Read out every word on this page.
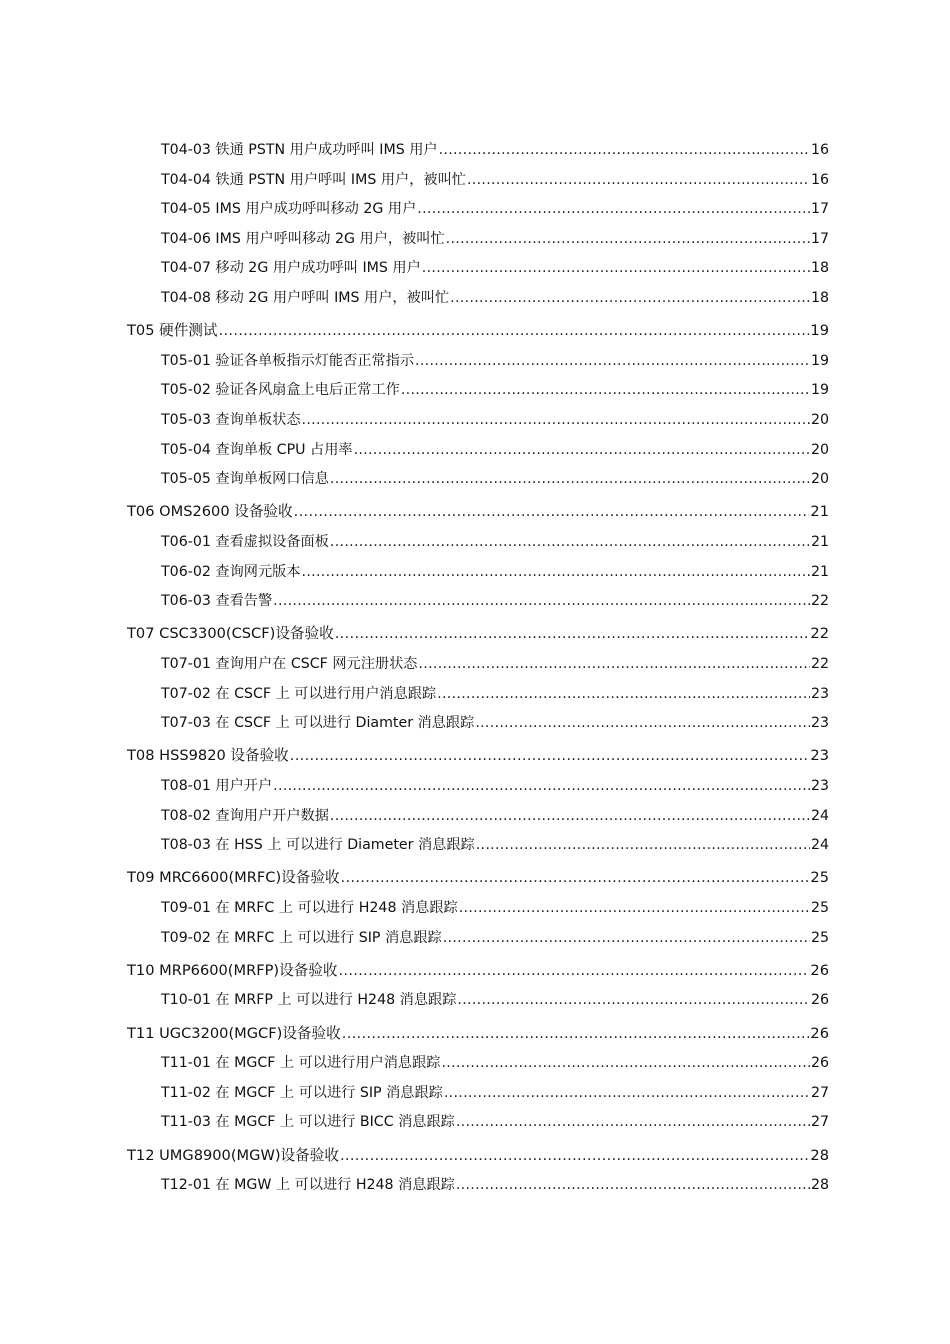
T04-03 铁通 PSTN 用户成功呼叫 IMS 用户 .....	16
T04-04 铁通 PSTN 用户呼叫 IMS 用户，被叫忙 .....	16
T04-05 IMS 用户成功呼叫移动 2G 用户 .....	17
T04-06 IMS 用户呼叫移动 2G 用户，被叫忙 .....	17
T04-07 移动 2G 用户成功呼叫 IMS 用户 .....	18
T04-08 移动 2G 用户呼叫 IMS 用户，被叫忙 .....	18
T05 硬件测试 .....	19
T05-01 验证各单板指示灯能否正常指示 .....	19
T05-02 验证各风扇盒上电后正常工作 .....	19
T05-03 查询单板状态 .....	20
T05-04 查询单板 CPU 占用率 .....	20
T05-05 查询单板网口信息 .....	20
T06 OMS2600 设备验收 .....	21
T06-01 查看虚拟设备面板 .....	21
T06-02 查询网元版本 .....	21
T06-03 查看告警 .....	22
T07 CSC3300(CSCF)设备验收 .....	22
T07-01 查询用户在 CSCF 网元注册状态 .....	22
T07-02 在 CSCF 上 可以进行用户消息跟踪 .....	23
T07-03 在 CSCF 上 可以进行 Diamter 消息跟踪 .....	23
T08 HSS9820 设备验收 .....	23
T08-01 用户开户 .....	23
T08-02 查询用户开户数据 .....	24
T08-03 在 HSS 上 可以进行 Diameter 消息跟踪 .....	24
T09 MRC6600(MRFC)设备验收 .....	25
T09-01 在 MRFC 上 可以进行 H248 消息跟踪 .....	25
T09-02 在 MRFC 上 可以进行 SIP 消息跟踪 .....	25
T10 MRP6600(MRFP)设备验收 .....	26
T10-01 在 MRFP 上 可以进行 H248 消息跟踪 .....	26
T11 UGC3200(MGCF)设备验收 .....	26
T11-01 在 MGCF 上 可以进行用户消息跟踪 .....	26
T11-02 在 MGCF 上 可以进行 SIP 消息跟踪 .....	27
T11-03 在 MGCF 上 可以进行 BICC 消息跟踪 .....	27
T12 UMG8900(MGW)设备验收 .....	28
T12-01 在 MGW 上 可以进行 H248 消息跟踪 .....	28
